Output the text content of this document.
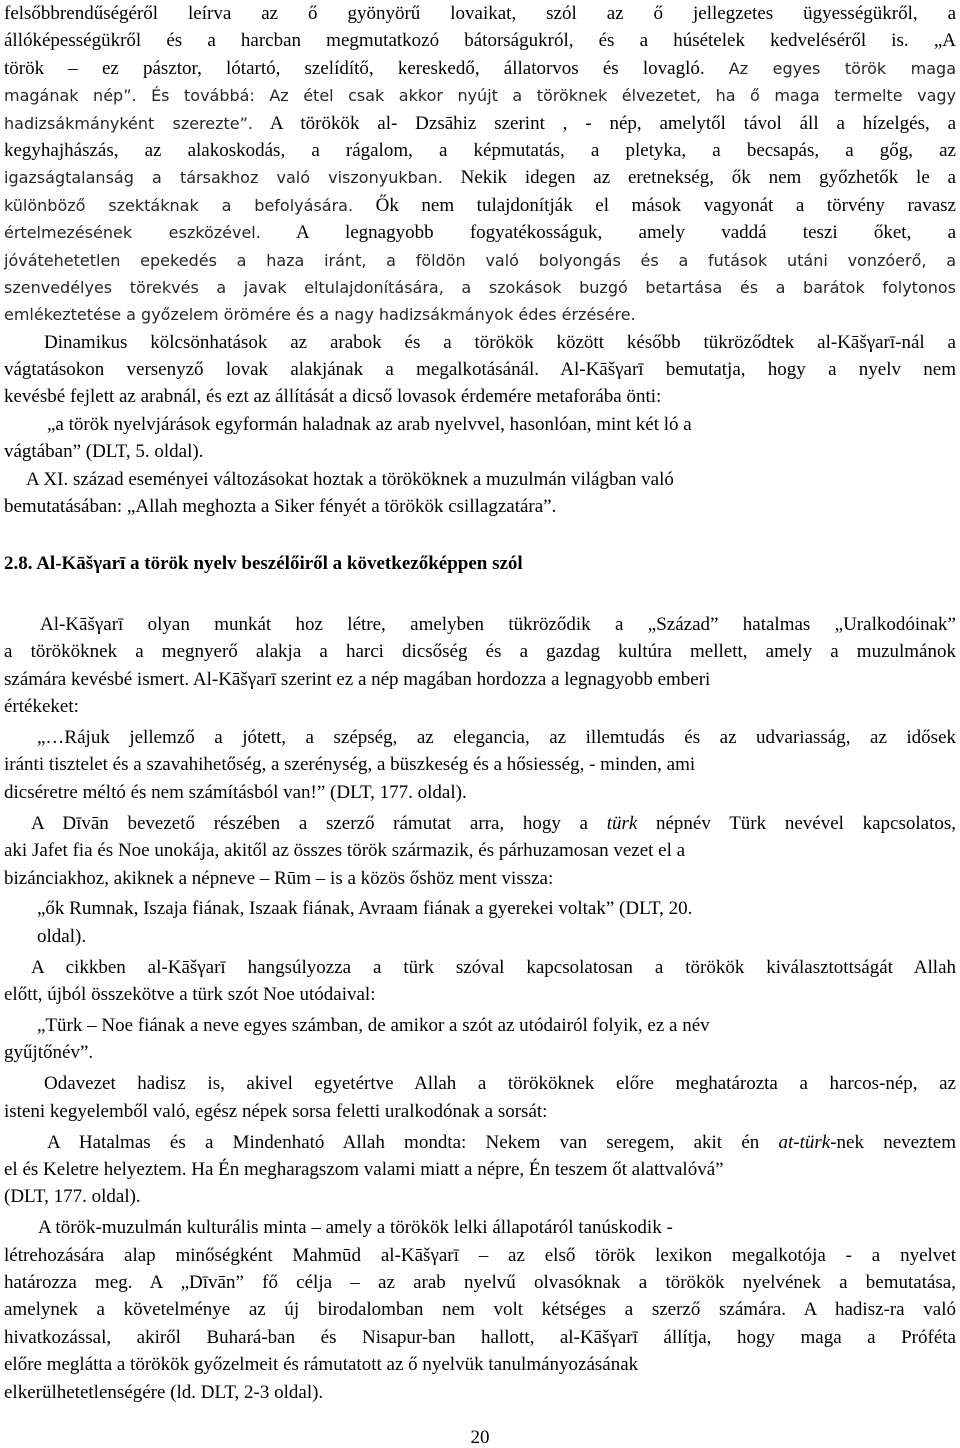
felsőbbrendűségéről leírva az ő gyönyörű lovaikat, szól az ő jellegzetes ügyességükről, a
állóképességükről és a harcban megmutatkozó bátorságukról, és a húsételek kedveléséről is. „A
török – ez pásztor, lótartó, szelídítő, kereskedő, állatorvos és lovagló. Az egyes török maga
magának nép”. És továbbá: Az étel csak akkor nyújt a töröknek élvezetet, ha ő maga termelte vagy
hadizsákmányként szerezte”. A törökök al- Dzsāhiz szerint , - nép, amelytől távol áll a hízelgés, a
kegyhajhászás, az alakoskodás, a rágalom, a képmutatás, a pletyka, a becsapás, a gőg, az
igazságtalanság a társakhoz való viszonyukban. Nekik idegen az eretnekség, ők nem győzhetők le a
különböző szektáknak a befolyására. Ők nem tulajdonítják el mások vagyonát a törvény ravasz
értelmezésének eszközével. A legnagyobb fogyatékosságuk, amely vaddá teszi őket, a
jóvátehetetlen epekedés a haza iránt, a földön való bolyongás és a futások utáni vonzóerő, a
szenvedélyes törekvés a javak eltulajdonítására, a szokások buzgó betartása és a barátok folytonos
emlékeztetése a győzelem örömére és a nagy hadizsákmányok édes érzésére.
Dinamikus kölcsönhatások az arabok és a törökök között később tükröződtek al-Kāšγarī-nál a
vágtatásokon versenyző lovak alakjának a megalkotásánál. Al-Kāšγarī bemutatja, hogy a nyelv nem
kevésbé fejlett az arabnál, és ezt az állítását a dicső lovasok érdemére metaforába önti:
„a török nyelvjárások egyformán haladnak az arab nyelvvel, hasonlóan, mint két ló a
vágtában” (DLT, 5. oldal).
A XI. század eseményei változásokat hoztak a törököknek a muzulmán világban való
bemutatásában: „Allah meghozta a Siker fényét a törökök csillagzatára”.
2.8. Al-Kāšγarī a török nyelv beszélőiről a következőképpen szól
Al-Kāšγarī olyan munkát hoz létre, amelyben tükröződik a „Század” hatalmas „Uralkodóinak”
a törököknek a megnyerő alakja a harci dicsőség és a gazdag kultúra mellett, amely a muzulmánok
számára kevésbé ismert. Al-Kāšγarī szerint ez a nép magában hordozza a legnagyobb emberi
értékeket:
„…Rájuk jellemző a jótett, a szépség, az elegancia, az illemtudás és az udvariasság, az idősek
iránti tisztelet és a szavahihetőség, a szerénység, a büszkeség és a hősiesség, - minden, ami
dicséretre méltó és nem számításból van!” (DLT, 177. oldal).
A Dīvān bevezető részében a szerző rámutat arra, hogy a türk népnév Türk nevével kapcsolatos,
aki Jafet fia és Noe unokája, akitől az összes török származik, és párhuzamosan vezet el a
bizánciakhoz, akiknek a népneve – Rūm – is a közös őshöz ment vissza:
„ők Rumnak, Iszaja fiának, Iszaak fiának, Avraam fiának a gyerekei voltak” (DLT, 20.
oldal).
A cikkben al-Kāšγarī hangsúlyozza a türk szóval kapcsolatosan a törökök kiválasztottságát Allah
előtt, újból összekötve a türk szót Noe utódaival:
„Türk – Noe fiának a neve egyes számban, de amikor a szót az utódairól folyik, ez a név
gyűjtőnév”.
Odavezet hadisz is, akivel egyetértve Allah a törököknek előre meghatározta a harcos-nép, az
isteni kegyelemből való, egész népek sorsa feletti uralkodónak a sorsát:
A Hatalmas és a Mindenható Allah mondta: Nekem van seregem, akit én at-türk-nek neveztem
el és Keletre helyeztem. Ha Én megharagszom valami miatt a népre, Én teszem őt alattvalóvá”
(DLT, 177. oldal).
A török-muzulmán kulturális minta – amely a törökök lelki állapotáról tanúskodik -
létrehozására alap minőségként Mahmūd al-Kāšγarī – az első török lexikon megalkotója - a nyelvet
határozza meg. A „Dīvān” fő célja – az arab nyelvű olvasóknak a törökök nyelvének a bemutatása,
amelynek a követelménye az új birodalomban nem volt kétséges a szerző számára. A hadisz-ra való
hivatkozással, akiről Buhará-ban és Nisapur-ban hallott, al-Kāšγarī állítja, hogy maga a Próféta
előre meglátta a törökök győzelmeit és rámutatott az ő nyelvük tanulmányozásának
elkerülhetetlenségére (ld. DLT, 2-3 oldal).
20
